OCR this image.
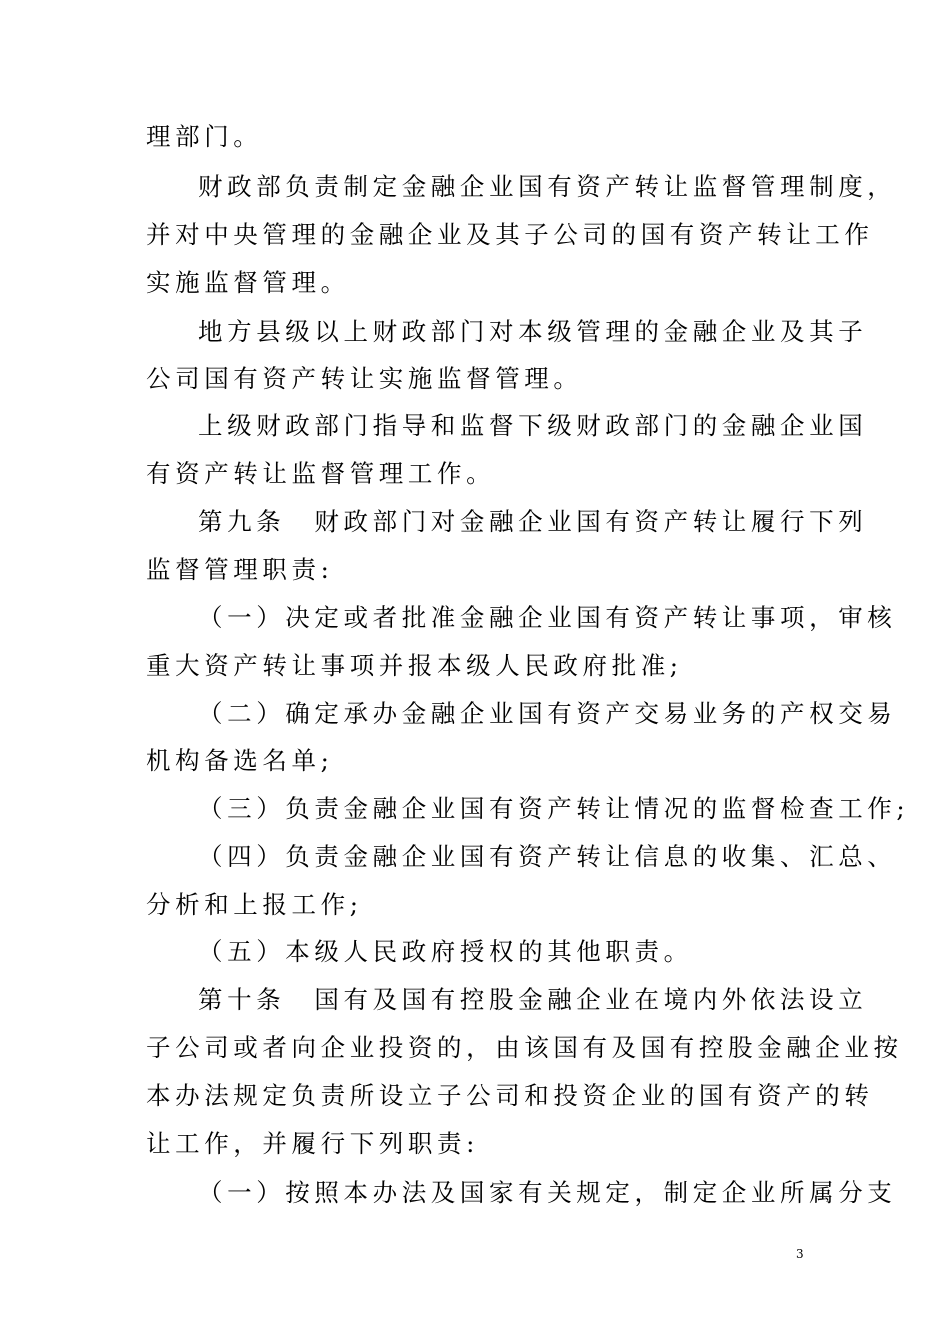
理部门。
财政部负责制定金融企业国有资产转让监督管理制度，
并对中央管理的金融企业及其子公司的国有资产转让工作
实施监督管理。
地方县级以上财政部门对本级管理的金融企业及其子
公司国有资产转让实施监督管理。
上级财政部门指导和监督下级财政部门的金融企业国
有资产转让监督管理工作。
第九条　财政部门对金融企业国有资产转让履行下列
监督管理职责:
（一）决定或者批准金融企业国有资产转让事项，审核
重大资产转让事项并报本级人民政府批准;
（二）确定承办金融企业国有资产交易业务的产权交易
机构备选名单;
（三）负责金融企业国有资产转让情况的监督检查工作;
（四）负责金融企业国有资产转让信息的收集、汇总、
分析和上报工作;
（五）本级人民政府授权的其他职责。
第十条　国有及国有控股金融企业在境内外依法设立
子公司或者向企业投资的，由该国有及国有控股金融企业按
本办法规定负责所设立子公司和投资企业的国有资产的转
让工作，并履行下列职责:
（一）按照本办法及国家有关规定，制定企业所属分支
3
